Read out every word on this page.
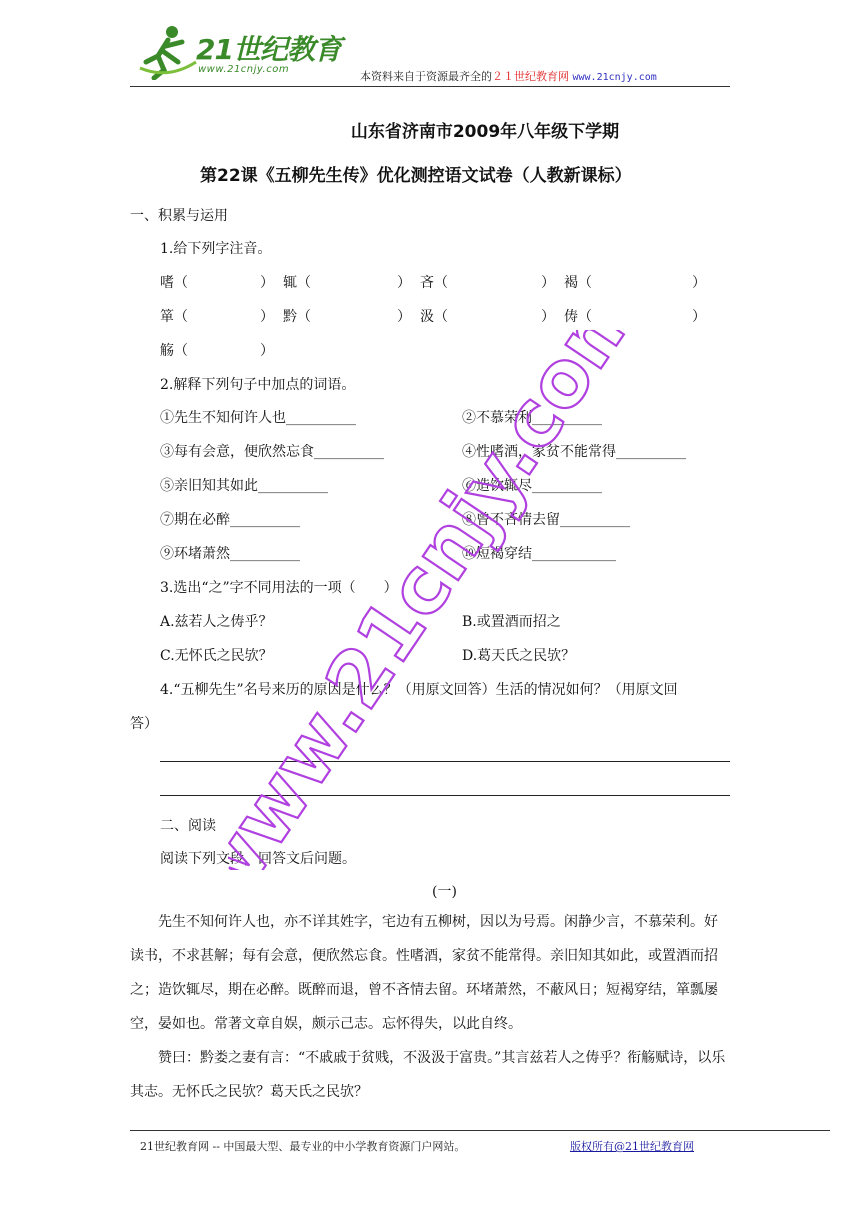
21世纪教育
www.21cnjy.com
本资料来自于资源最齐全的２１世纪教育网 www.21cnjy.com
山东省济南市2009年八年级下学期
第22课《五柳先生传》优化测控语文试卷（人教新课标）
一、积累与运用
1.给下列字注音。
嗜（	） 辄（	） 吝（	） 褐（	）
箪（	） 黔（	） 汲（	） 俦（	）
觞（	）
2.解释下列句子中加点的词语。
①先生不知何许人也__________	②不慕荣利__________
③每有会意，便欣然忘食__________	④性嗜酒，家贫不能常得__________
⑤亲旧知其如此__________	⑥造饮辄尽__________
⑦期在必醉__________	⑧曾不吝情去留__________
⑨环堵萧然__________	⑩短褐穿结____________
3.选出“之”字不同用法的一项（　　）
A.兹若人之俦乎？	B.或置酒而招之
C.无怀氏之民欤？	D.葛天氏之民欤？
4.“五柳先生”名号来历的原因是什么？（用原文回答）生活的情况如何？（用原文回
答）
二、阅读
阅读下列文段，回答文后问题。
(一)
先生不知何许人也，亦不详其姓字，宅边有五柳树，因以为号焉。闲静少言，不慕荣利。好读书，不求甚解；每有会意，便欣然忘食。性嗜酒，家贫不能常得。亲旧知其如此，或置酒而招之；造饮辄尽，期在必醉。既醉而退，曾不吝情去留。环堵萧然，不蔽风日；短褐穿结，箪瓢屡空，晏如也。常著文章自娱，颇示己志。忘怀得失，以此自终。
赞曰：黔娄之妻有言：“不戚戚于贫贱，不汲汲于富贵。”其言兹若人之俦乎？衔觞赋诗，以乐其志。无怀氏之民欤？葛天氏之民欤？
21世纪教育网 -- 中国最大型、最专业的中小学教育资源门户网站。	版权所有@21世纪教育网
www.21cnjy.com
